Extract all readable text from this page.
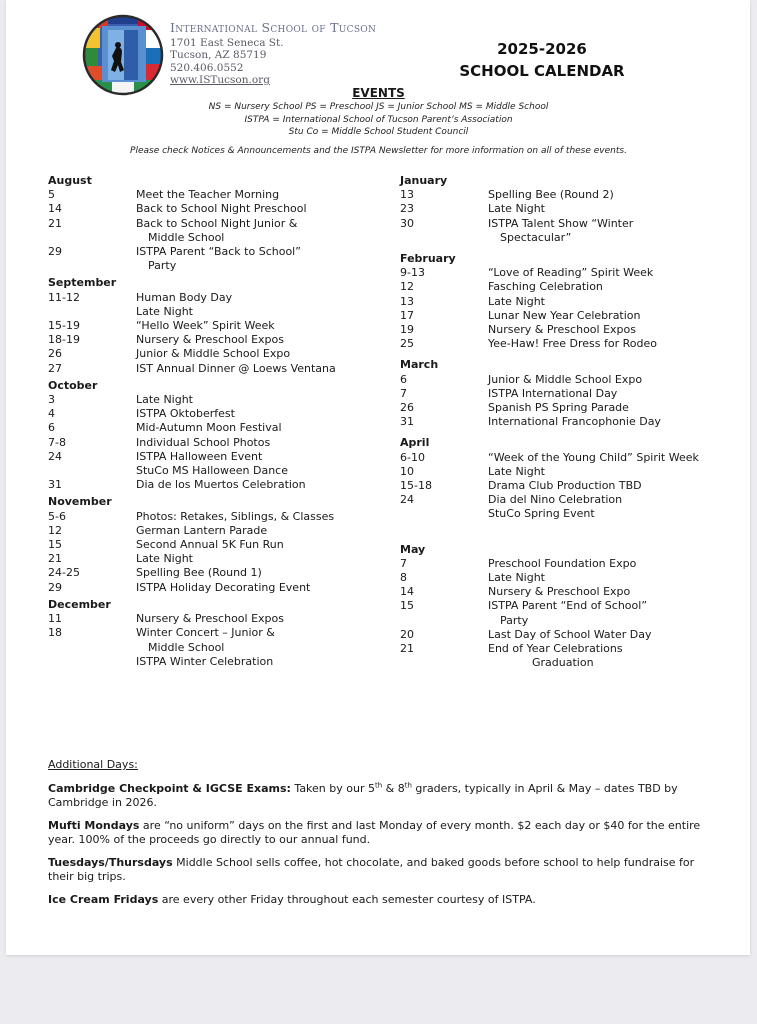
International School of Tucson
1701 East Seneca St.
Tucson, AZ 85719
520.406.0552
www.ISTucson.org
2025-2026
SCHOOL CALENDAR
EVENTS
NS = Nursery School PS = Preschool JS = Junior School MS = Middle School
ISTPA = International School of Tucson Parent’s Association
Stu Co = Middle School Student Council
Please check Notices & Announcements and the ISTPA Newsletter for more information on all of these events.
August
5	Meet the Teacher Morning
14	Back to School Night Preschool
21	Back to School Night Junior &
Middle School
29	ISTPA Parent “Back to School”
Party
September
11-12	Human Body Day
Late Night
15-19	“Hello Week” Spirit Week
18-19	Nursery & Preschool Expos
26	Junior & Middle School Expo
27	IST Annual Dinner @ Loews Ventana
October
3	Late Night
4	ISTPA Oktoberfest
6	Mid-Autumn Moon Festival
7-8	Individual School Photos
24	ISTPA Halloween Event
StuCo MS Halloween Dance
31	Dia de los Muertos Celebration
November
5-6	Photos: Retakes, Siblings, & Classes
12	German Lantern Parade
15	Second Annual 5K Fun Run
21	Late Night
24-25	Spelling Bee (Round 1)
29	ISTPA Holiday Decorating Event
December
11	Nursery & Preschool Expos
18	Winter Concert – Junior &
Middle School
ISTPA Winter Celebration
January
13	Spelling Bee (Round 2)
23	Late Night
30	ISTPA Talent Show “Winter
Spectacular”
February
9-13	“Love of Reading” Spirit Week
12	Fasching Celebration
13	Late Night
17	Lunar New Year Celebration
19	Nursery & Preschool Expos
25	Yee-Haw! Free Dress for Rodeo
March
6	Junior & Middle School Expo
7	ISTPA International Day
26	Spanish PS Spring Parade
31	International Francophonie Day
April
6-10	“Week of the Young Child” Spirit Week
10	Late Night
15-18	Drama Club Production TBD
24	Dia del Nino Celebration
StuCo Spring Event
May
7	Preschool Foundation Expo
8	Late Night
14	Nursery & Preschool Expo
15	ISTPA Parent “End of School”
Party
20	Last Day of School Water Day
21	End of Year Celebrations
Graduation
Additional Days:
Cambridge Checkpoint & IGCSE Exams: Taken by our 5th & 8th graders, typically in April & May – dates TBD by Cambridge in 2026.
Mufti Mondays are “no uniform” days on the first and last Monday of every month. $2 each day or $40 for the entire year. 100% of the proceeds go directly to our annual fund.
Tuesdays/Thursdays Middle School sells coffee, hot chocolate, and baked goods before school to help fundraise for their big trips.
Ice Cream Fridays are every other Friday throughout each semester courtesy of ISTPA.
